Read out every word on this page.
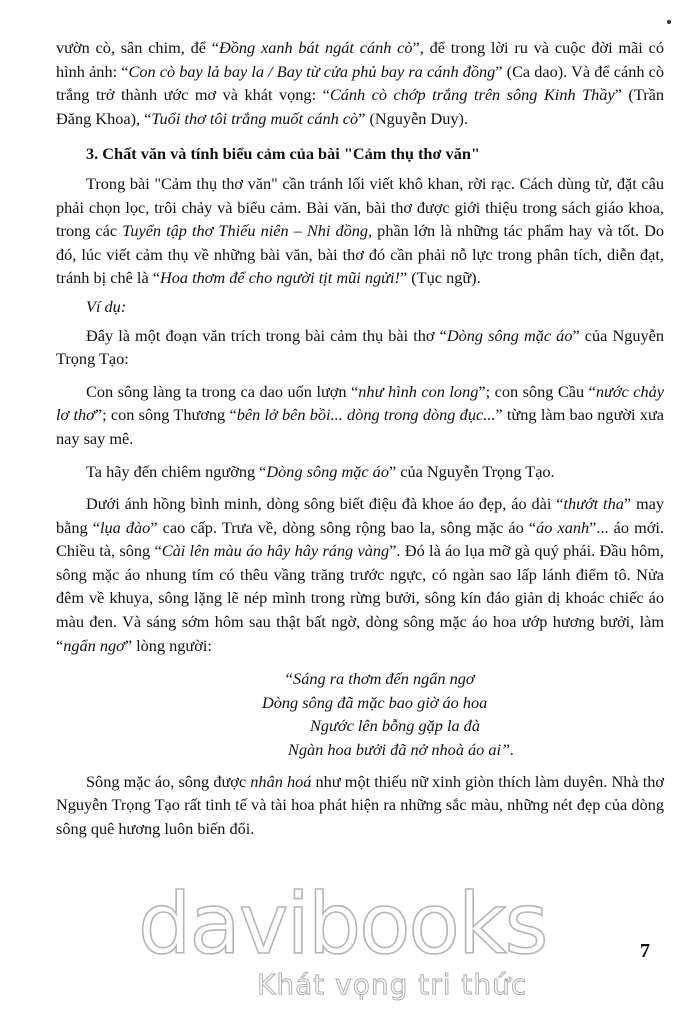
vườn cò, sân chim, để “Đồng xanh bát ngát cánh cò”, để trong lời ru và cuộc đời mãi có hình ảnh: “Con cò bay lả bay la / Bay từ cửa phủ bay ra cánh đồng” (Ca dao). Và để cánh cò trắng trở thành ước mơ và khát vọng: “Cánh cò chớp trắng trên sông Kinh Thầy” (Trần Đăng Khoa), “Tuổi thơ tôi trắng muốt cánh cò” (Nguyễn Duy).

3. Chất văn và tính biểu cảm của bài "Cảm thụ thơ văn"

Trong bài "Cảm thụ thơ văn" cần tránh lối viết khô khan, rời rạc. Cách dùng từ, đặt câu phải chọn lọc, trôi chảy và biểu cảm. Bài văn, bài thơ được giới thiệu trong sách giáo khoa, trong các Tuyển tập thơ Thiếu niên – Nhi đồng, phần lớn là những tác phẩm hay và tốt. Do đó, lúc viết cảm thụ về những bài văn, bài thơ đó cần phải nỗ lực trong phân tích, diễn đạt, tránh bị chê là “Hoa thơm để cho người tịt mũi ngửi!” (Tục ngữ).

Ví dụ:

Đây là một đoạn văn trích trong bài cảm thụ bài thơ “Dòng sông mặc áo” của Nguyễn Trọng Tạo:

Con sông làng ta trong ca dao uốn lượn “như hình con long”; con sông Cầu “nước chảy lơ thơ”; con sông Thương “bên lở bên bồi... dòng trong dòng đục...” từng làm bao người xưa nay say mê.

Ta hãy đến chiêm ngưỡng “Dòng sông mặc áo” của Nguyễn Trọng Tạo.

Dưới ánh hồng bình minh, dòng sông biết điệu đà khoe áo đẹp, áo dài “thướt tha” may bằng “lụa đào” cao cấp. Trưa về, dòng sông rộng bao la, sông mặc áo “áo xanh”... áo mới. Chiều tà, sông “Cài lên màu áo hây hây ráng vàng”. Đó là áo lụa mỡ gà quý phái. Đầu hôm, sông mặc áo nhung tím có thêu vầng trăng trước ngực, có ngàn sao lấp lánh điểm tô. Nửa đêm về khuya, sông lặng lẽ nép mình trong rừng bưởi, sông kín đáo giản dị khoác chiếc áo màu đen. Và sáng sớm hôm sau thật bất ngờ, dòng sông mặc áo hoa ướp hương bưởi, làm “ngẩn ngơ” lòng người:

“Sáng ra thơm đến ngẩn ngơ
Dòng sông đã mặc bao giờ áo hoa
Ngước lên bỗng gặp la đà
Ngàn hoa bưởi đã nở nhoà áo ai”.

Sông mặc áo, sông được nhân hoá như một thiếu nữ xinh giòn thích làm duyên. Nhà thơ Nguyễn Trọng Tạo rất tinh tế và tài hoa phát hiện ra những sắc màu, những nét đẹp của dòng sông quê hương luôn biến đổi.

davibooks
Khát vọng tri thức
7
